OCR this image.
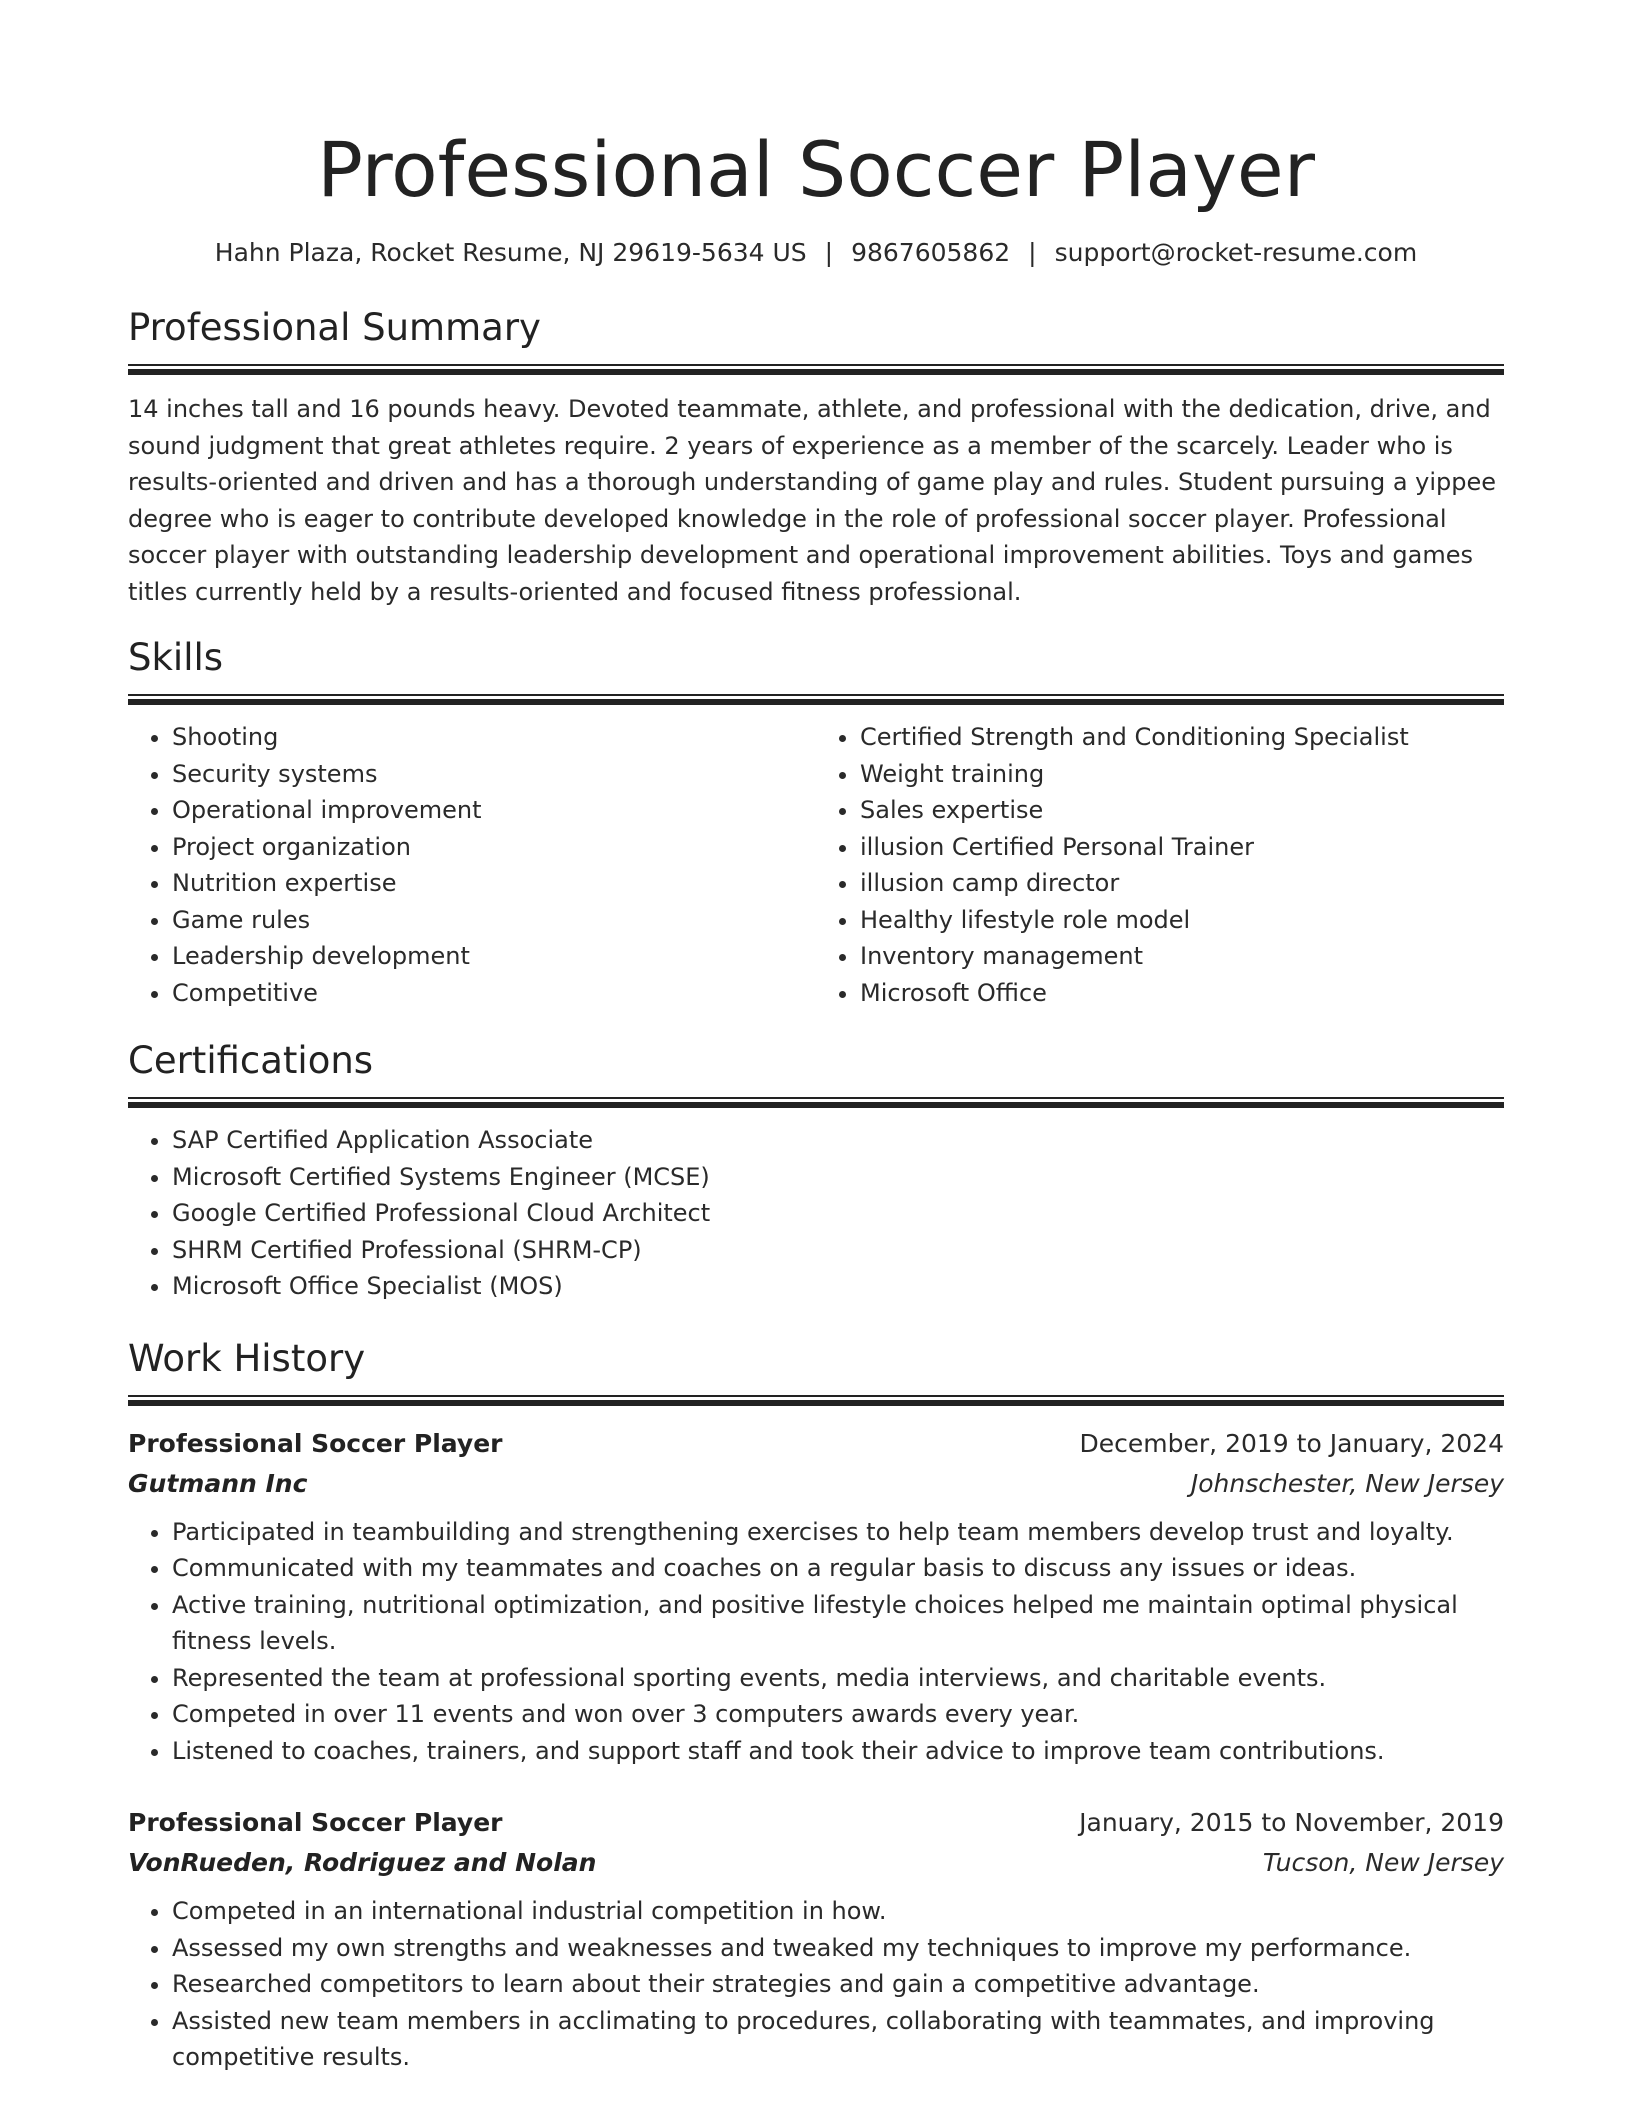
Professional Soccer Player
Hahn Plaza, Rocket Resume, NJ 29619-5634 US | 9867605862 | support@rocket-resume.com
Professional Summary

14 inches tall and 16 pounds heavy. Devoted teammate, athlete, and professional with the dedication, drive, and sound judgment that great athletes require. 2 years of experience as a member of the scarcely. Leader who is results-oriented and driven and has a thorough understanding of game play and rules. Student pursuing a yippee degree who is eager to contribute developed knowledge in the role of professional soccer player. Professional soccer player with outstanding leadership development and operational improvement abilities. Toys and games titles currently held by a results-oriented and focused fitness professional.

Skills
• Shooting
• Security systems
• Operational improvement
• Project organization
• Nutrition expertise
• Game rules
• Leadership development
• Competitive
• Certified Strength and Conditioning Specialist
• Weight training
• Sales expertise
• illusion Certified Personal Trainer
• illusion camp director
• Healthy lifestyle role model
• Inventory management
• Microsoft Office
Certifications
• SAP Certified Application Associate
• Microsoft Certified Systems Engineer (MCSE)
• Google Certified Professional Cloud Architect
• SHRM Certified Professional (SHRM-CP)
• Microsoft Office Specialist (MOS)
Work History
Professional Soccer Player	December, 2019 to January, 2024
Gutmann Inc	Johnschester, New Jersey
• Participated in teambuilding and strengthening exercises to help team members develop trust and loyalty.
• Communicated with my teammates and coaches on a regular basis to discuss any issues or ideas.
• Active training, nutritional optimization, and positive lifestyle choices helped me maintain optimal physical fitness levels.
• Represented the team at professional sporting events, media interviews, and charitable events.
• Competed in over 11 events and won over 3 computers awards every year.
• Listened to coaches, trainers, and support staff and took their advice to improve team contributions.
Professional Soccer Player	January, 2015 to November, 2019
VonRueden, Rodriguez and Nolan	Tucson, New Jersey
• Competed in an international industrial competition in how.
• Assessed my own strengths and weaknesses and tweaked my techniques to improve my performance.
• Researched competitors to learn about their strategies and gain a competitive advantage.
• Assisted new team members in acclimating to procedures, collaborating with teammates, and improving competitive results.
